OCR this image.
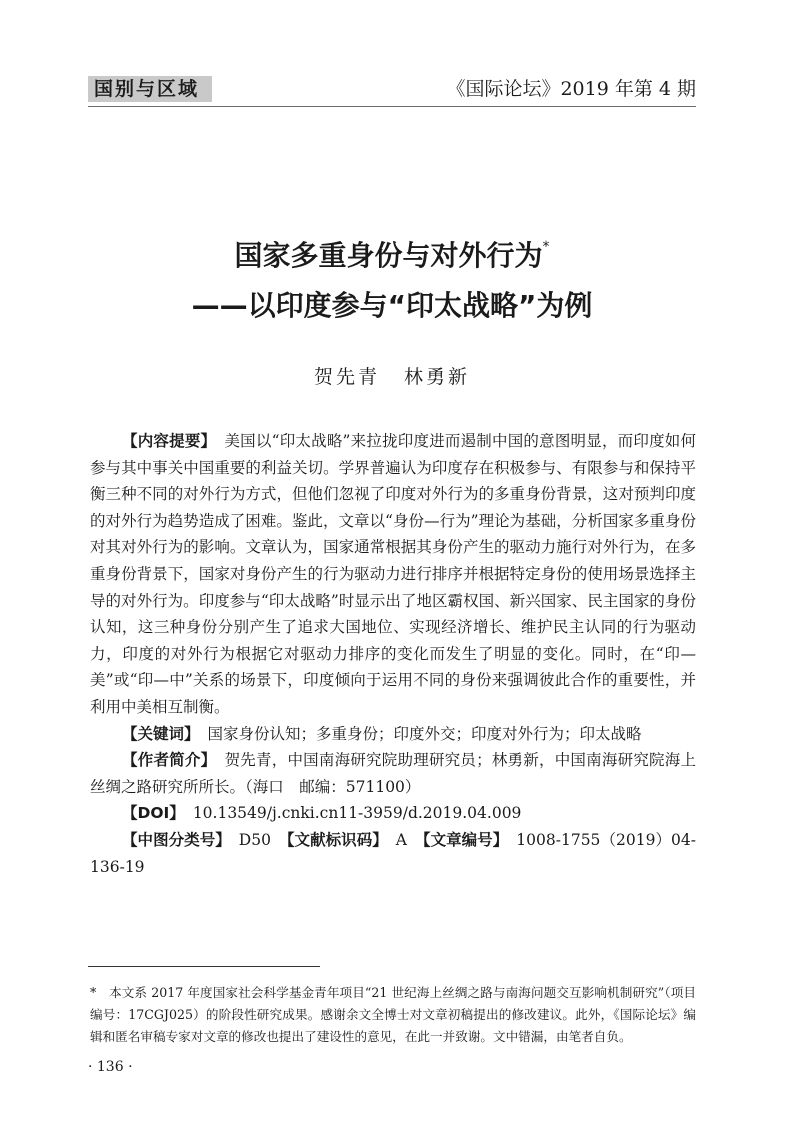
国别与区域	《国际论坛》2019 年第 4 期
国家多重身份与对外行为*
——以印度参与“印太战略”为例
贺先青 林勇新

【内容提要】 美国以“印太战略”来拉拢印度进而遏制中国的意图明显，而印度如何参与其中事关中国重要的利益关切。学界普遍认为印度存在积极参与、有限参与和保持平衡三种不同的对外行为方式，但他们忽视了印度对外行为的多重身份背景，这对预判印度的对外行为趋势造成了困难。鉴此，文章以“身份—行为”理论为基础，分析国家多重身份对其对外行为的影响。文章认为，国家通常根据其身份产生的驱动力施行对外行为，在多重身份背景下，国家对身份产生的行为驱动力进行排序并根据特定身份的使用场景选择主导的对外行为。印度参与“印太战略”时显示出了地区霸权国、新兴国家、民主国家的身份认知，这三种身份分别产生了追求大国地位、实现经济增长、维护民主认同的行为驱动力，印度的对外行为根据它对驱动力排序的变化而发生了明显的变化。同时，在“印—美”或“印—中”关系的场景下，印度倾向于运用不同的身份来强调彼此合作的重要性，并利用中美相互制衡。

【关键词】 国家身份认知；多重身份；印度外交；印度对外行为；印太战略

【作者简介】 贺先青，中国南海研究院助理研究员；林勇新，中国南海研究院海上丝绸之路研究所所长。（海口　邮编：571100）

【DOI】 10.13549/j.cnki.cn11-3959/d.2019.04.009

【中图分类号】 D50 【文献标识码】 A 【文章编号】 1008-1755（2019）04-136-19

*　本文系 2017 年度国家社会科学基金青年项目“21 世纪海上丝绸之路与南海问题交互影响机制研究”（项目编号：17CGJ025）的阶段性研究成果。感谢余文全博士对文章初稿提出的修改建议。此外，《国际论坛》编辑和匿名审稿专家对文章的修改也提出了建设性的意见，在此一并致谢。文中错漏，由笔者自负。
· 136 ·
